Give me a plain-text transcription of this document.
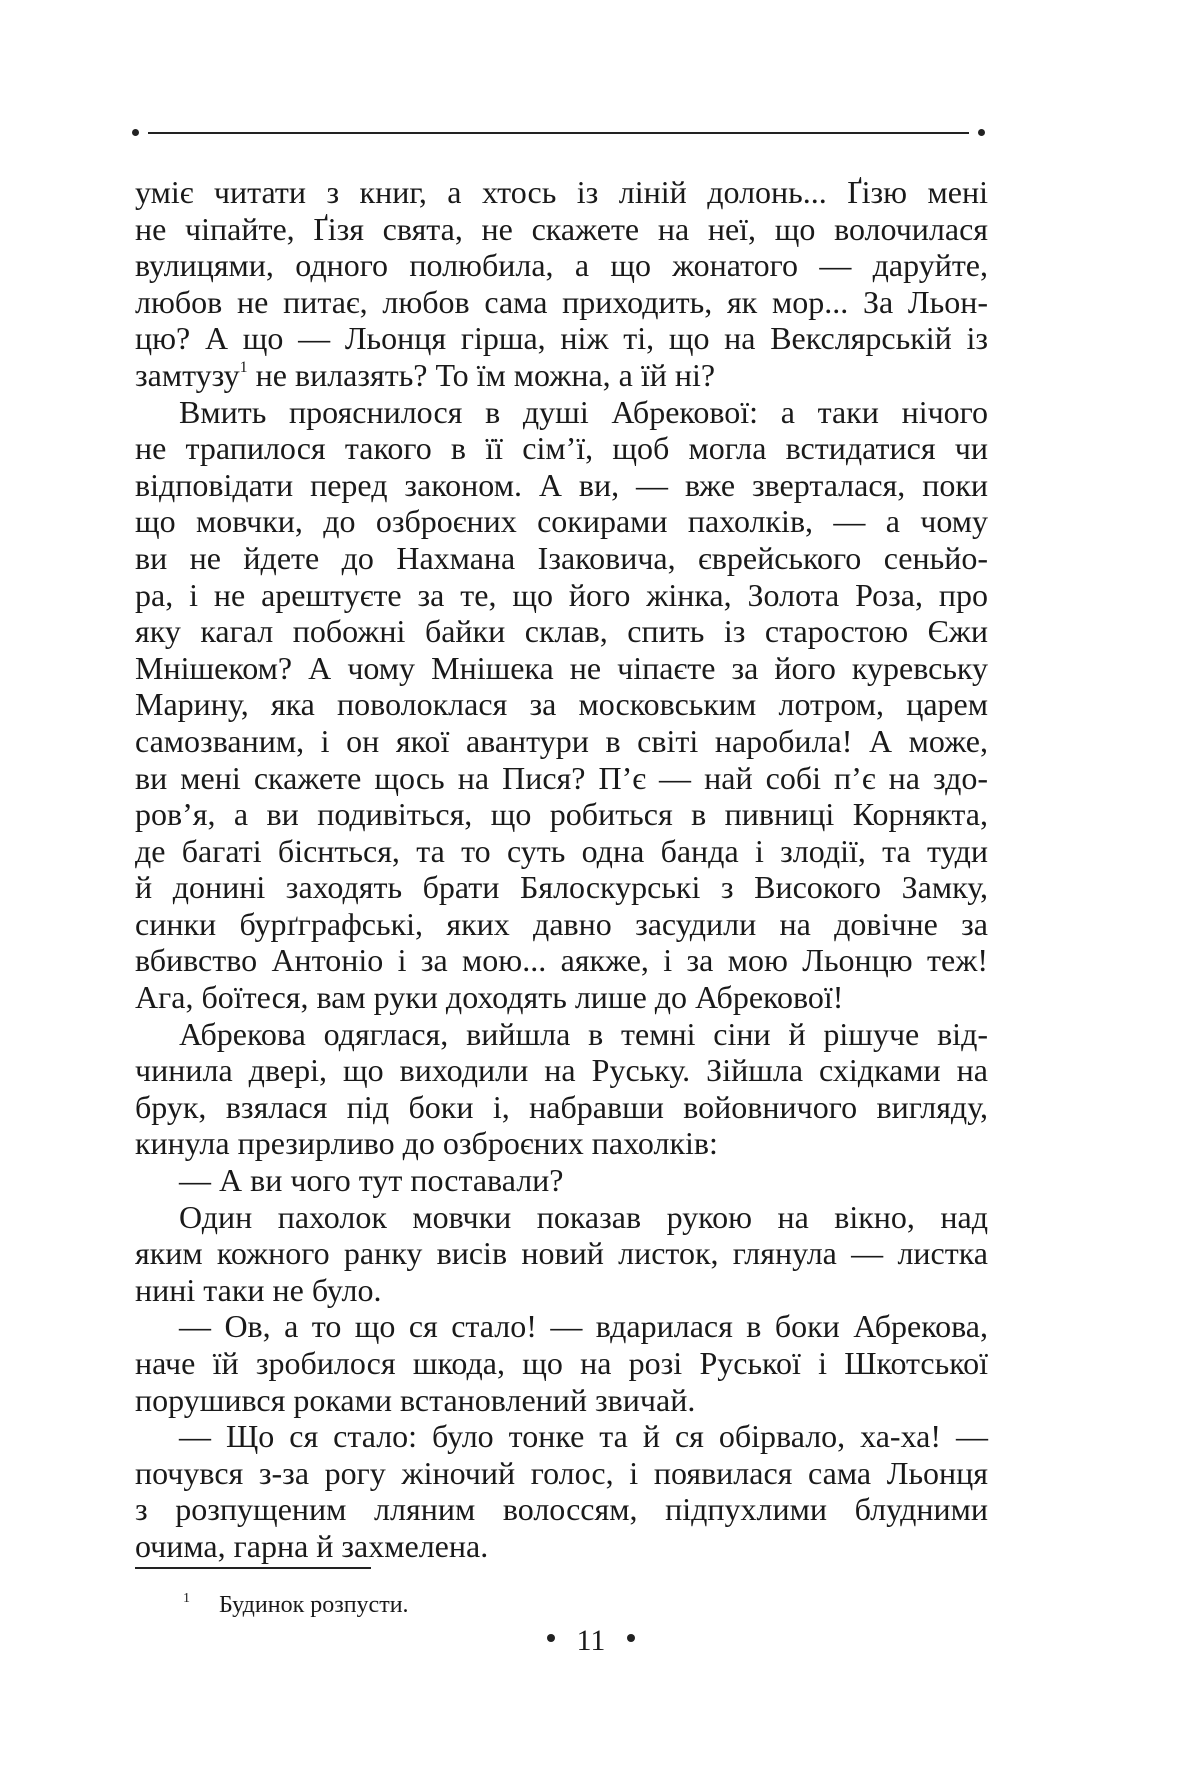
уміє читати з книг, а хтось із ліній долонь... Ґізю мені
не чіпайте, Ґізя свята, не скажете на неї, що волочилася
вулицями, одного полюбила, а що жонатого — даруйте,
любов не питає, любов сама приходить, як мор... За Льон-
цю? А що — Льонця гірша, ніж ті, що на Векслярській із
замтузу$^1$ не вилазять? То їм можна, а їй ні?
Вмить прояснилося в душі Абрекової: а таки нічого
не трапилося такого в її сім’ї, щоб могла встидатися чи
відповідати перед законом. А ви, — вже зверталася, поки
що мовчки, до озброєних сокирами пахолків, — а чому
ви не йдете до Нахмана Ізаковича, єврейського сеньйо-
ра, і не арештуєте за те, що його жінка, Золота Роза, про
яку кагал побожні байки склав, спить із старостою Єжи
Мнішеком? А чому Мнішека не чіпаєте за його куревську
Марину, яка поволоклася за московським лотром, царем
самозваним, і он якої авантури в світі наробила! А може,
ви мені скажете щось на Пися? П’є — най собі п’є на здо-
ров’я, а ви подивіться, що робиться в пивниці Корнякта,
де багаті біснться, та то суть одна банда і злодії, та туди
й донині заходять брати Бялоскурські з Високого Замку,
синки бурґграфські, яких давно засудили на довічне за
вбивство Антоніо і за мою... аякже, і за мою Льонцю теж!
Ага, боїтеся, вам руки доходять лише до Абрекової!
Абрекова одяглася, вийшла в темні сіни й рішуче від-
чинила двері, що виходили на Руську. Зійшла східками на
брук, взялася під боки і, набравши войовничого вигляду,
кинула презирливо до озброєних пахолків:
— А ви чого тут поставали?
Один пахолок мовчки показав рукою на вікно, над
яким кожного ранку висів новий листок, глянула — листка
нині таки не було.
— Ов, а то що ся стало! — вдарилася в боки Абрекова,
наче їй зробилося шкода, що на розі Руської і Шкотської
порушився роками встановлений звичай.
— Що ся стало: було тонке та й ся обірвало, ха-ха! —
почувся з-за рогу жіночий голос, і появилася сама Льонця
з розпущеним лляним волоссям, підпухлими блудними
очима, гарна й захмелена.
1 Будинок розпусти.
11
